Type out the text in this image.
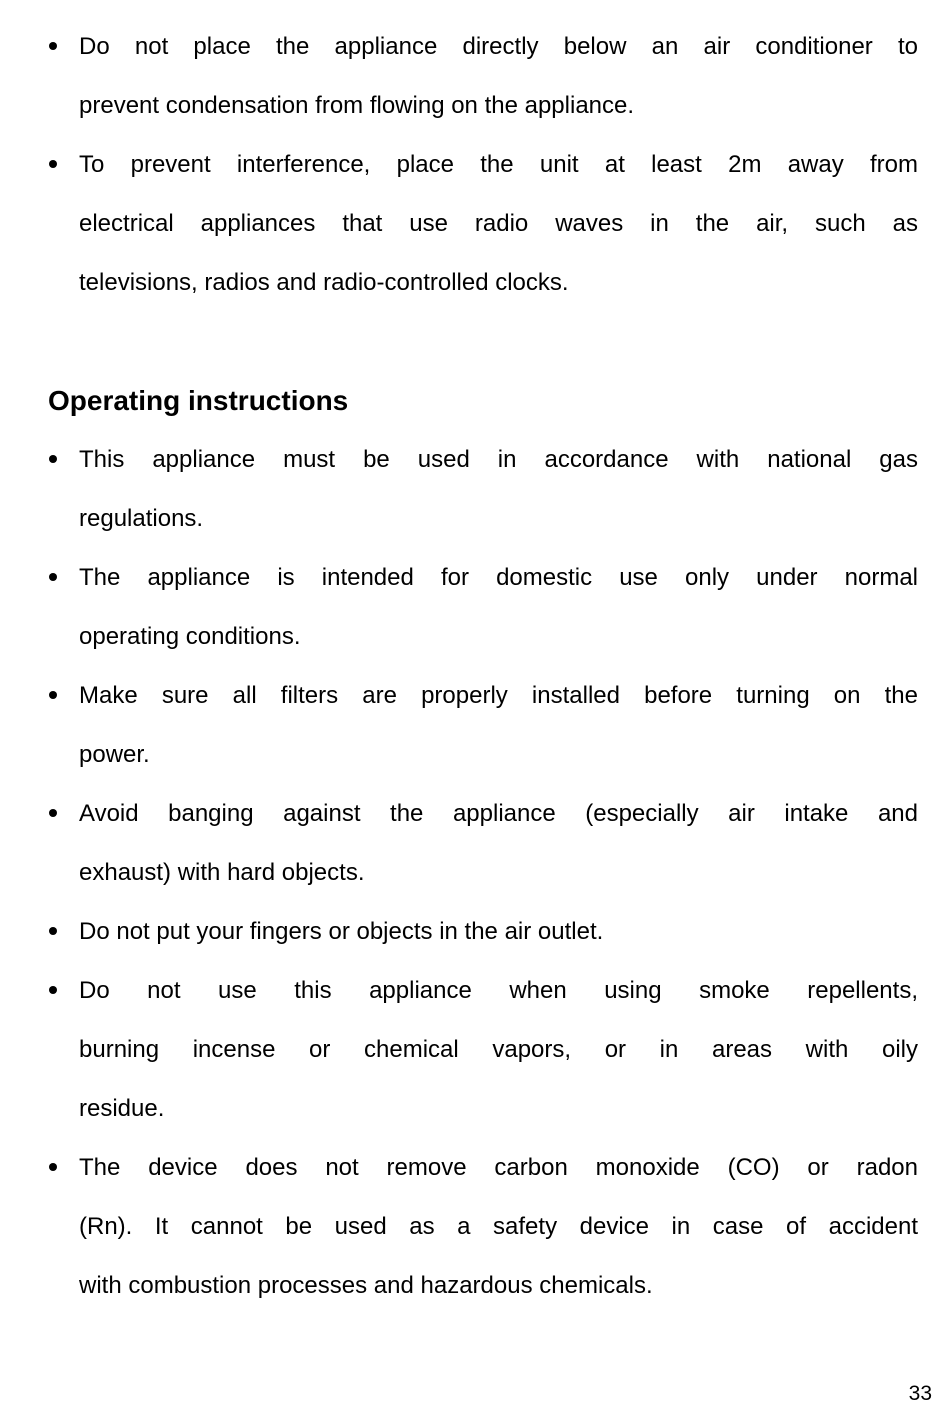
Do not place the appliance directly below an air conditioner to
prevent condensation from flowing on the appliance.
To prevent interference, place the unit at least 2m away from
electrical appliances that use radio waves in the air, such as
televisions, radios and radio-controlled clocks.
Operating instructions
This appliance must be used in accordance with national gas
regulations.
The appliance is intended for domestic use only under normal
operating conditions.
Make sure all filters are properly installed before turning on the
power.
Avoid banging against the appliance (especially air intake and
exhaust) with hard objects.
Do not put your fingers or objects in the air outlet.
Do not use this appliance when using smoke repellents,
burning incense or chemical vapors, or in areas with oily
residue.
The device does not remove carbon monoxide (CO) or radon
(Rn). It cannot be used as a safety device in case of accident
with combustion processes and hazardous chemicals.
33
